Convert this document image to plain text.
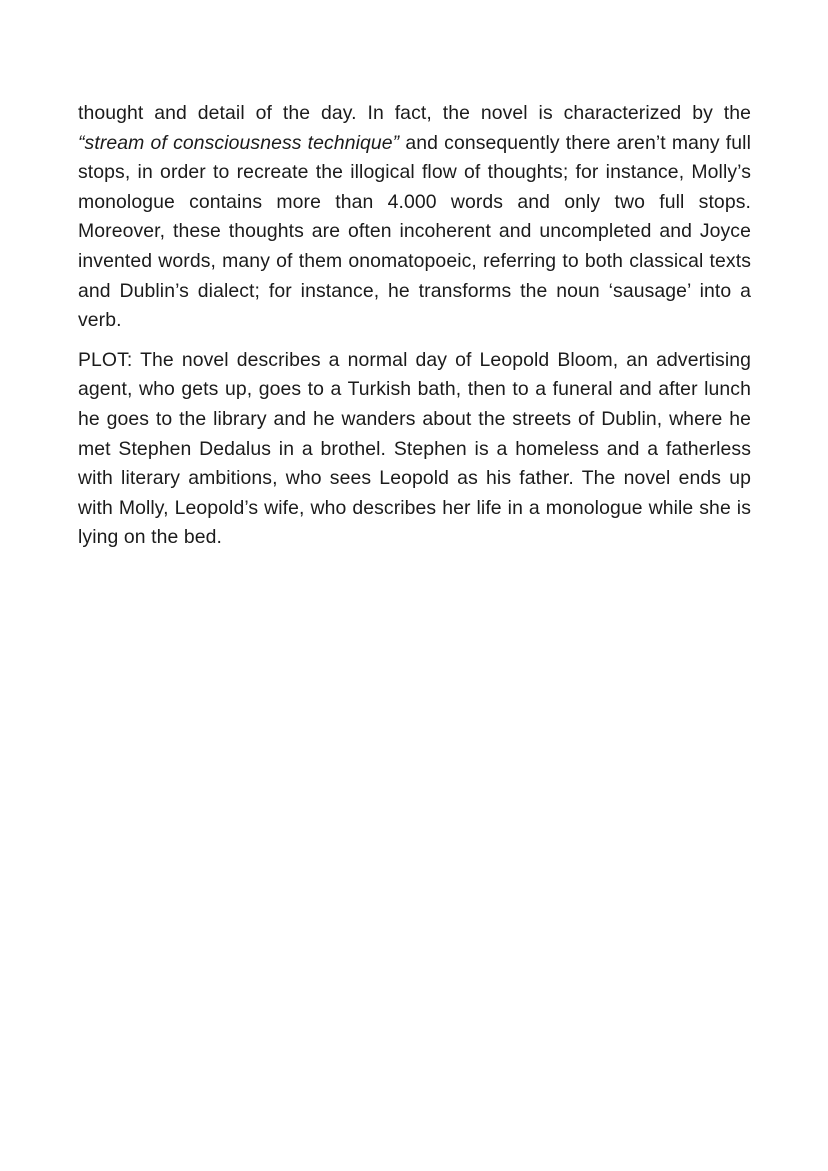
thought and detail of the day. In fact, the novel is characterized by the “stream of consciousness technique” and consequently there aren’t many full stops, in order to recreate the illogical flow of thoughts; for instance, Molly’s monologue contains more than 4.000 words and only two full stops. Moreover, these thoughts are often incoherent and uncompleted and Joyce invented words, many of them onomatopoeic, referring to both classical texts and Dublin’s dialect; for instance, he transforms the noun ‘sausage’ into a verb.

PLOT: The novel describes a normal day of Leopold Bloom, an advertising agent, who gets up, goes to a Turkish bath, then to a funeral and after lunch he goes to the library and he wanders about the streets of Dublin, where he met Stephen Dedalus in a brothel. Stephen is a homeless and a fatherless with literary ambitions, who sees Leopold as his father. The novel ends up with Molly, Leopold’s wife, who describes her life in a monologue while she is lying on the bed.
